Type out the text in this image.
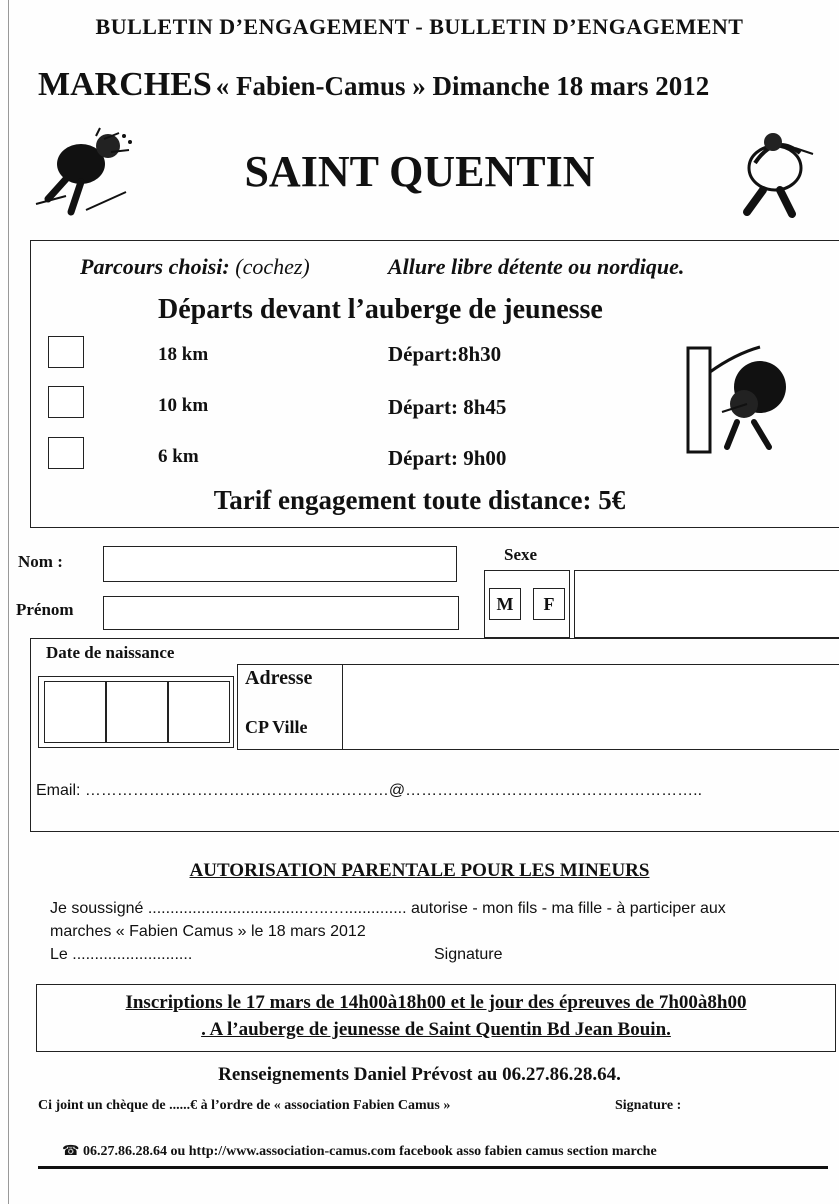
BULLETIN D’ENGAGEMENT - BULLETIN D’ENGAGEMENT
MARCHES « Fabien-Camus » Dimanche 18 mars 2012
SAINT QUENTIN
Parcours choisi: (cochez)	Allure libre détente ou nordique.
Départs devant l’auberge de jeunesse
18 km	Départ:8h30
10 km	Départ: 8h45
6 km	Départ: 9h00
Tarif engagement toute distance: 5€
Nom :
Prénom
Sexe
M	F
Date de naissance
Adresse
CP Ville
Email: …………………………………………………@………………………………………………..
AUTORISATION PARENTALE POUR LES MINEURS
Je soussigné ...................................…..….............. autorise - mon fils - ma fille - à participer aux
marches « Fabien Camus » le 18 mars 2012
Le ...........................	Signature
Inscriptions le 17 mars de 14h00à18h00 et le jour des épreuves de 7h00à8h00
. A l’auberge de jeunesse de Saint Quentin Bd Jean Bouin.
Renseignements Daniel Prévost au 06.27.86.28.64.
Ci joint un chèque de ......€ à l’ordre de « association Fabien Camus »	Signature :
☎ 06.27.86.28.64 ou http://www.association-camus.com facebook asso fabien camus section marche
